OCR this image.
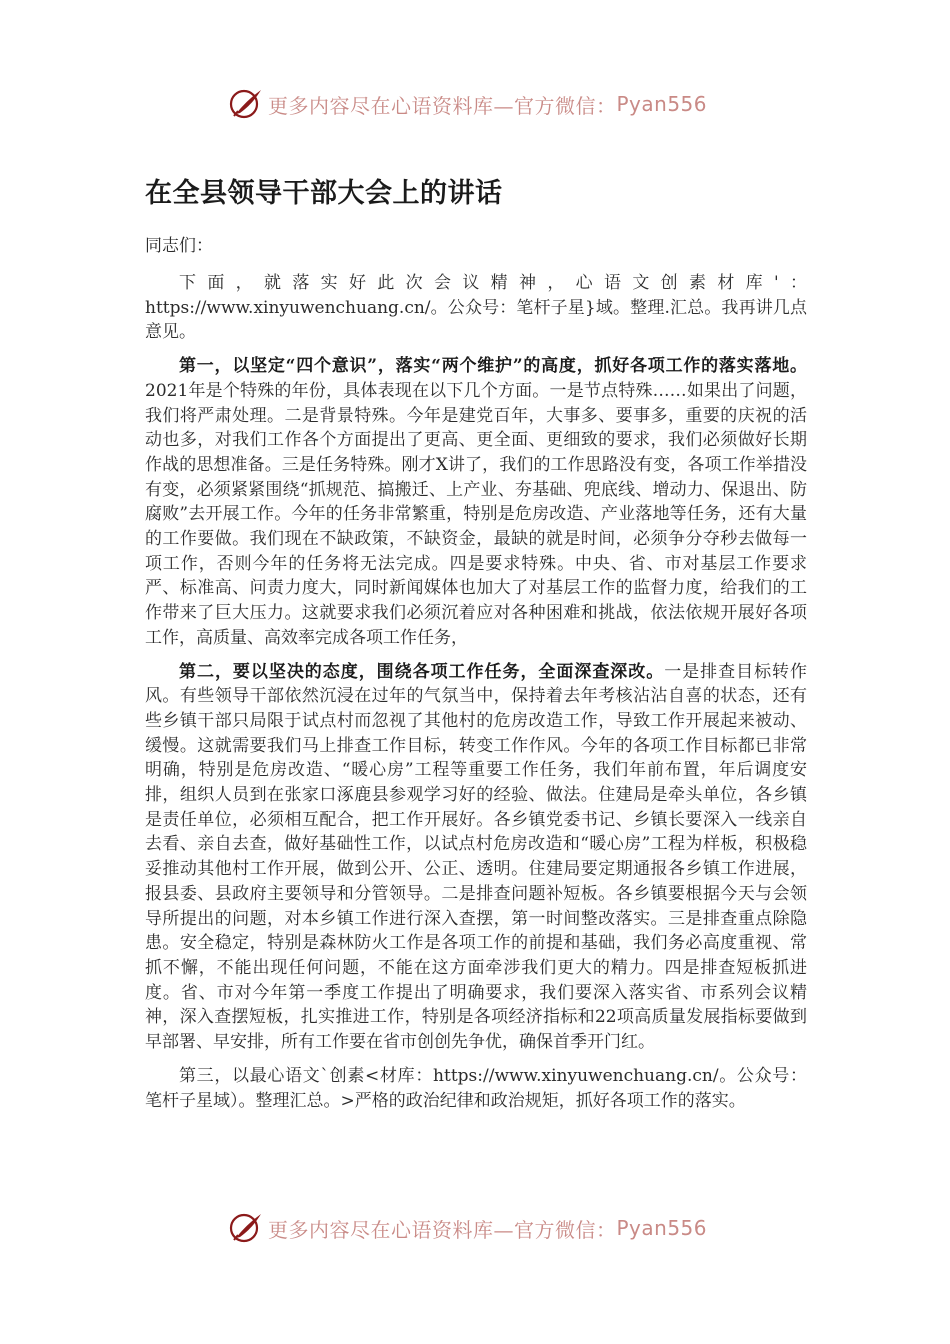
更多内容尽在心语资料库—官方微信： Pyan556
在全县领导干部大会上的讲话

同志们：

下面，就落实好此次会议精神，心语文创素材库'：https://www.xinyuwenchuang.cn/。公众号：笔杆子星}域。整理.汇总。我再讲几点意见。

第一，以坚定“四个意识”，落实“两个维护”的高度，抓好各项工作的落实落地。2021年是个特殊的年份，具体表现在以下几个方面。一是节点特殊……如果出了问题，我们将严肃处理。二是背景特殊。今年是建党百年，大事多、要事多，重要的庆祝的活动也多，对我们工作各个方面提出了更高、更全面、更细致的要求，我们必须做好长期作战的思想准备。三是任务特殊。刚才X讲了，我们的工作思路没有变，各项工作举措没有变，必须紧紧围绕“抓规范、搞搬迁、上产业、夯基础、兜底线、增动力、保退出、防腐败”去开展工作。今年的任务非常繁重，特别是危房改造、产业落地等任务，还有大量的工作要做。我们现在不缺政策，不缺资金，最缺的就是时间，必须争分夺秒去做每一项工作，否则今年的任务将无法完成。四是要求特殊。中央、省、市对基层工作要求严、标准高、问责力度大，同时新闻媒体也加大了对基层工作的监督力度，给我们的工作带来了巨大压力。这就要求我们必须沉着应对各种困难和挑战，依法依规开展好各项工作，高质量、高效率完成各项工作任务，

第二，要以坚决的态度，围绕各项工作任务，全面深查深改。一是排查目标转作风。有些领导干部依然沉浸在过年的气氛当中，保持着去年考核沾沾自喜的状态，还有些乡镇干部只局限于试点村而忽视了其他村的危房改造工作，导致工作开展起来被动、缓慢。这就需要我们马上排查工作目标，转变工作作风。今年的各项工作目标都已非常明确，特别是危房改造、“暖心房”工程等重要工作任务，我们年前布置，年后调度安排，组织人员到在张家口涿鹿县参观学习好的经验、做法。住建局是牵头单位，各乡镇是责任单位，必须相互配合，把工作开展好。各乡镇党委书记、乡镇长要深入一线亲自去看、亲自去查，做好基础性工作，以试点村危房改造和“暖心房”工程为样板，积极稳妥推动其他村工作开展，做到公开、公正、透明。住建局要定期通报各乡镇工作进展，报县委、县政府主要领导和分管领导。二是排查问题补短板。各乡镇要根据今天与会领导所提出的问题，对本乡镇工作进行深入查摆，第一时间整改落实。三是排查重点除隐患。安全稳定，特别是森林防火工作是各项工作的前提和基础，我们务必高度重视、常抓不懈，不能出现任何问题，不能在这方面牵涉我们更大的精力。四是排查短板抓进度。省、市对今年第一季度工作提出了明确要求，我们要深入落实省、市系列会议精神，深入查摆短板，扎实推进工作，特别是各项经济指标和22项高质量发展指标要做到早部署、早安排，所有工作要在省市创创先争优，确保首季开门红。

第三，以最心语文`创素<材库：https://www.xinyuwenchuang.cn/。公众号：笔杆子星域）。整理汇总。>严格的政治纪律和政治规矩，抓好各项工作的落实。

更多内容尽在心语资料库—官方微信： Pyan556
